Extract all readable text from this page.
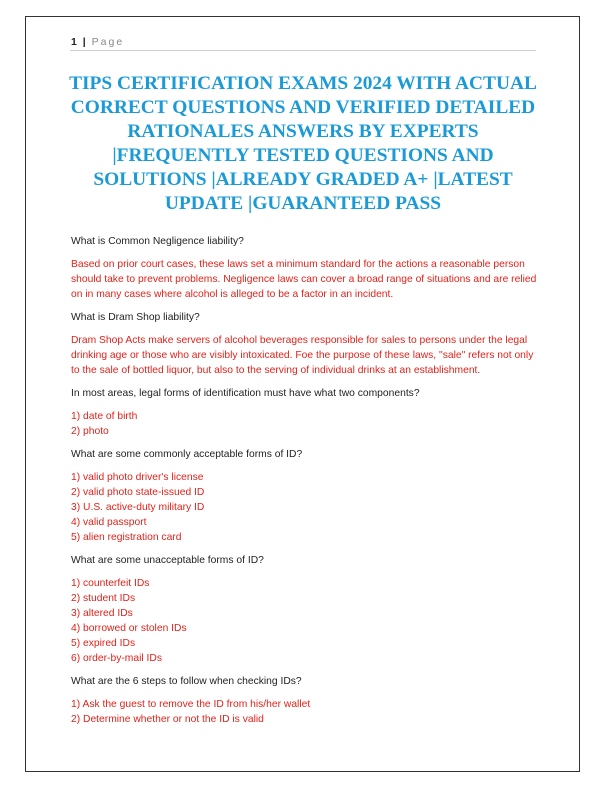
1 | Page
TIPS CERTIFICATION EXAMS 2024 WITH ACTUAL CORRECT QUESTIONS AND VERIFIED DETAILED RATIONALES ANSWERS BY EXPERTS |FREQUENTLY TESTED QUESTIONS AND SOLUTIONS |ALREADY GRADED A+ |LATEST UPDATE |GUARANTEED PASS

What is Common Negligence liability?

Based on prior court cases, these laws set a minimum standard for the actions a reasonable person should take to prevent problems. Negligence laws can cover a broad range of situations and are relied on in many cases where alcohol is alleged to be a factor in an incident.

What is Dram Shop liability?

Dram Shop Acts make servers of alcohol beverages responsible for sales to persons under the legal drinking age or those who are visibly intoxicated. Foe the purpose of these laws, "sale" refers not only to the sale of bottled liquor, but also to the serving of individual drinks at an establishment.

In most areas, legal forms of identification must have what two components?

1) date of birth
2) photo

What are some commonly acceptable forms of ID?

1) valid photo driver's license
2) valid photo state-issued ID
3) U.S. active-duty military ID
4) valid passport
5) alien registration card

What are some unacceptable forms of ID?

1) counterfeit IDs
2) student IDs
3) altered IDs
4) borrowed or stolen IDs
5) expired IDs
6) order-by-mail IDs

What are the 6 steps to follow when checking IDs?

1) Ask the guest to remove the ID from his/her wallet
2) Determine whether or not the ID is valid
